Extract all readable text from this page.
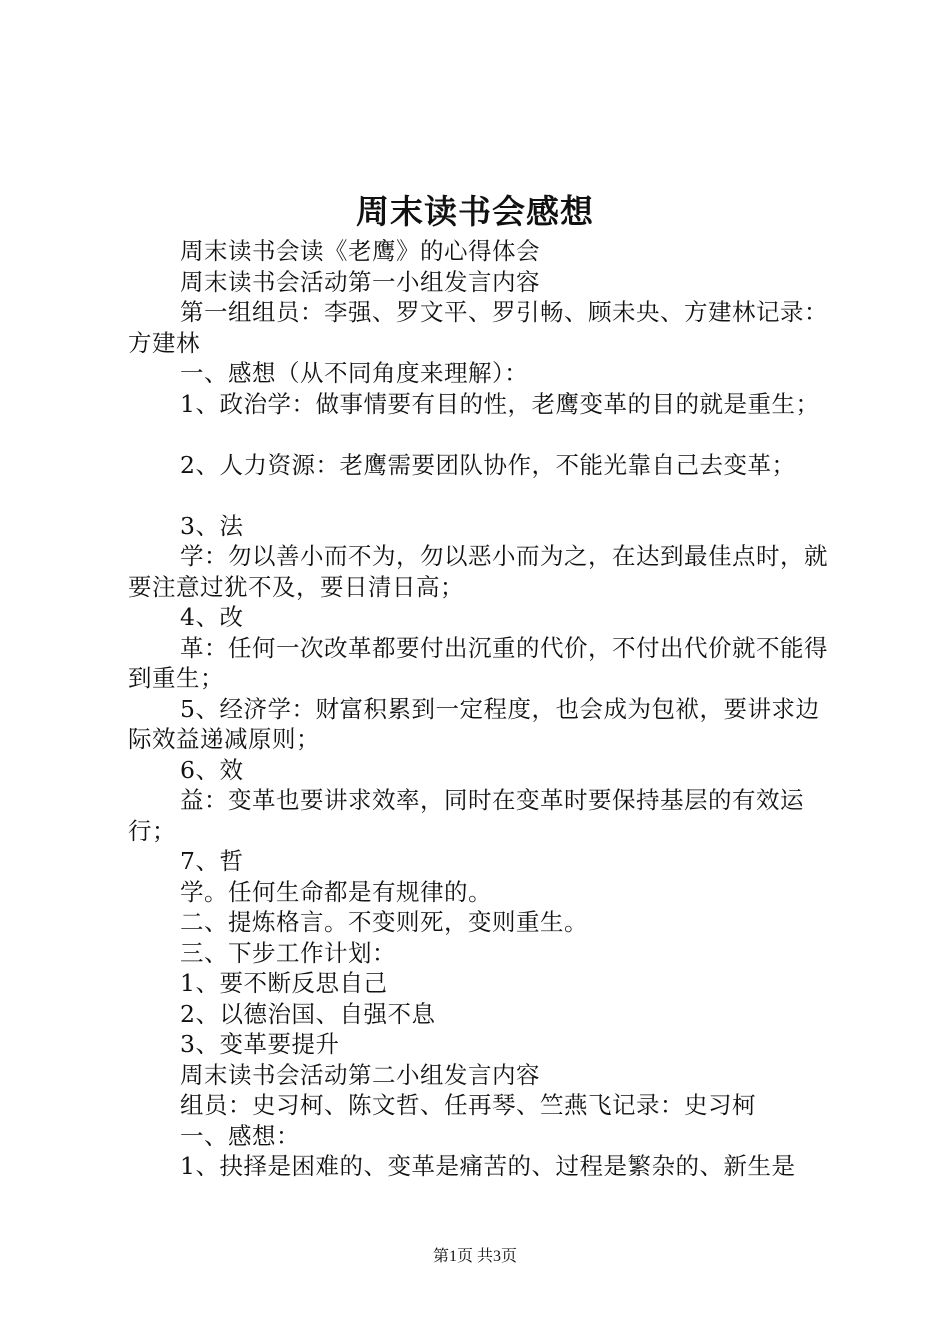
周末读书会感想
周末读书会读《老鹰》的心得体会
周末读书会活动第一小组发言内容
第一组组员：李强、罗文平、罗引畅、顾未央、方建林记录：方建林
一、感想（从不同角度来理解）：
1、政治学：做事情要有目的性，老鹰变革的目的就是重生；
2、人力资源：老鹰需要团队协作，不能光靠自己去变革；
3、法
学：勿以善小而不为，勿以恶小而为之，在达到最佳点时，就要注意过犹不及，要日清日高；
4、改
革：任何一次改革都要付出沉重的代价，不付出代价就不能得到重生；
5、经济学：财富积累到一定程度，也会成为包袱，要讲求边际效益递减原则；
6、效
益：变革也要讲求效率，同时在变革时要保持基层的有效运行；
7、哲
学。任何生命都是有规律的。
二、提炼格言。不变则死，变则重生。
三、下步工作计划：
1、要不断反思自己
2、以德治国、自强不息
3、变革要提升
周末读书会活动第二小组发言内容
组员：史习柯、陈文哲、任再琴、竺燕飞记录：史习柯
一、感想：
1、抉择是困难的、变革是痛苦的、过程是繁杂的、新生是
第1页 共3页
